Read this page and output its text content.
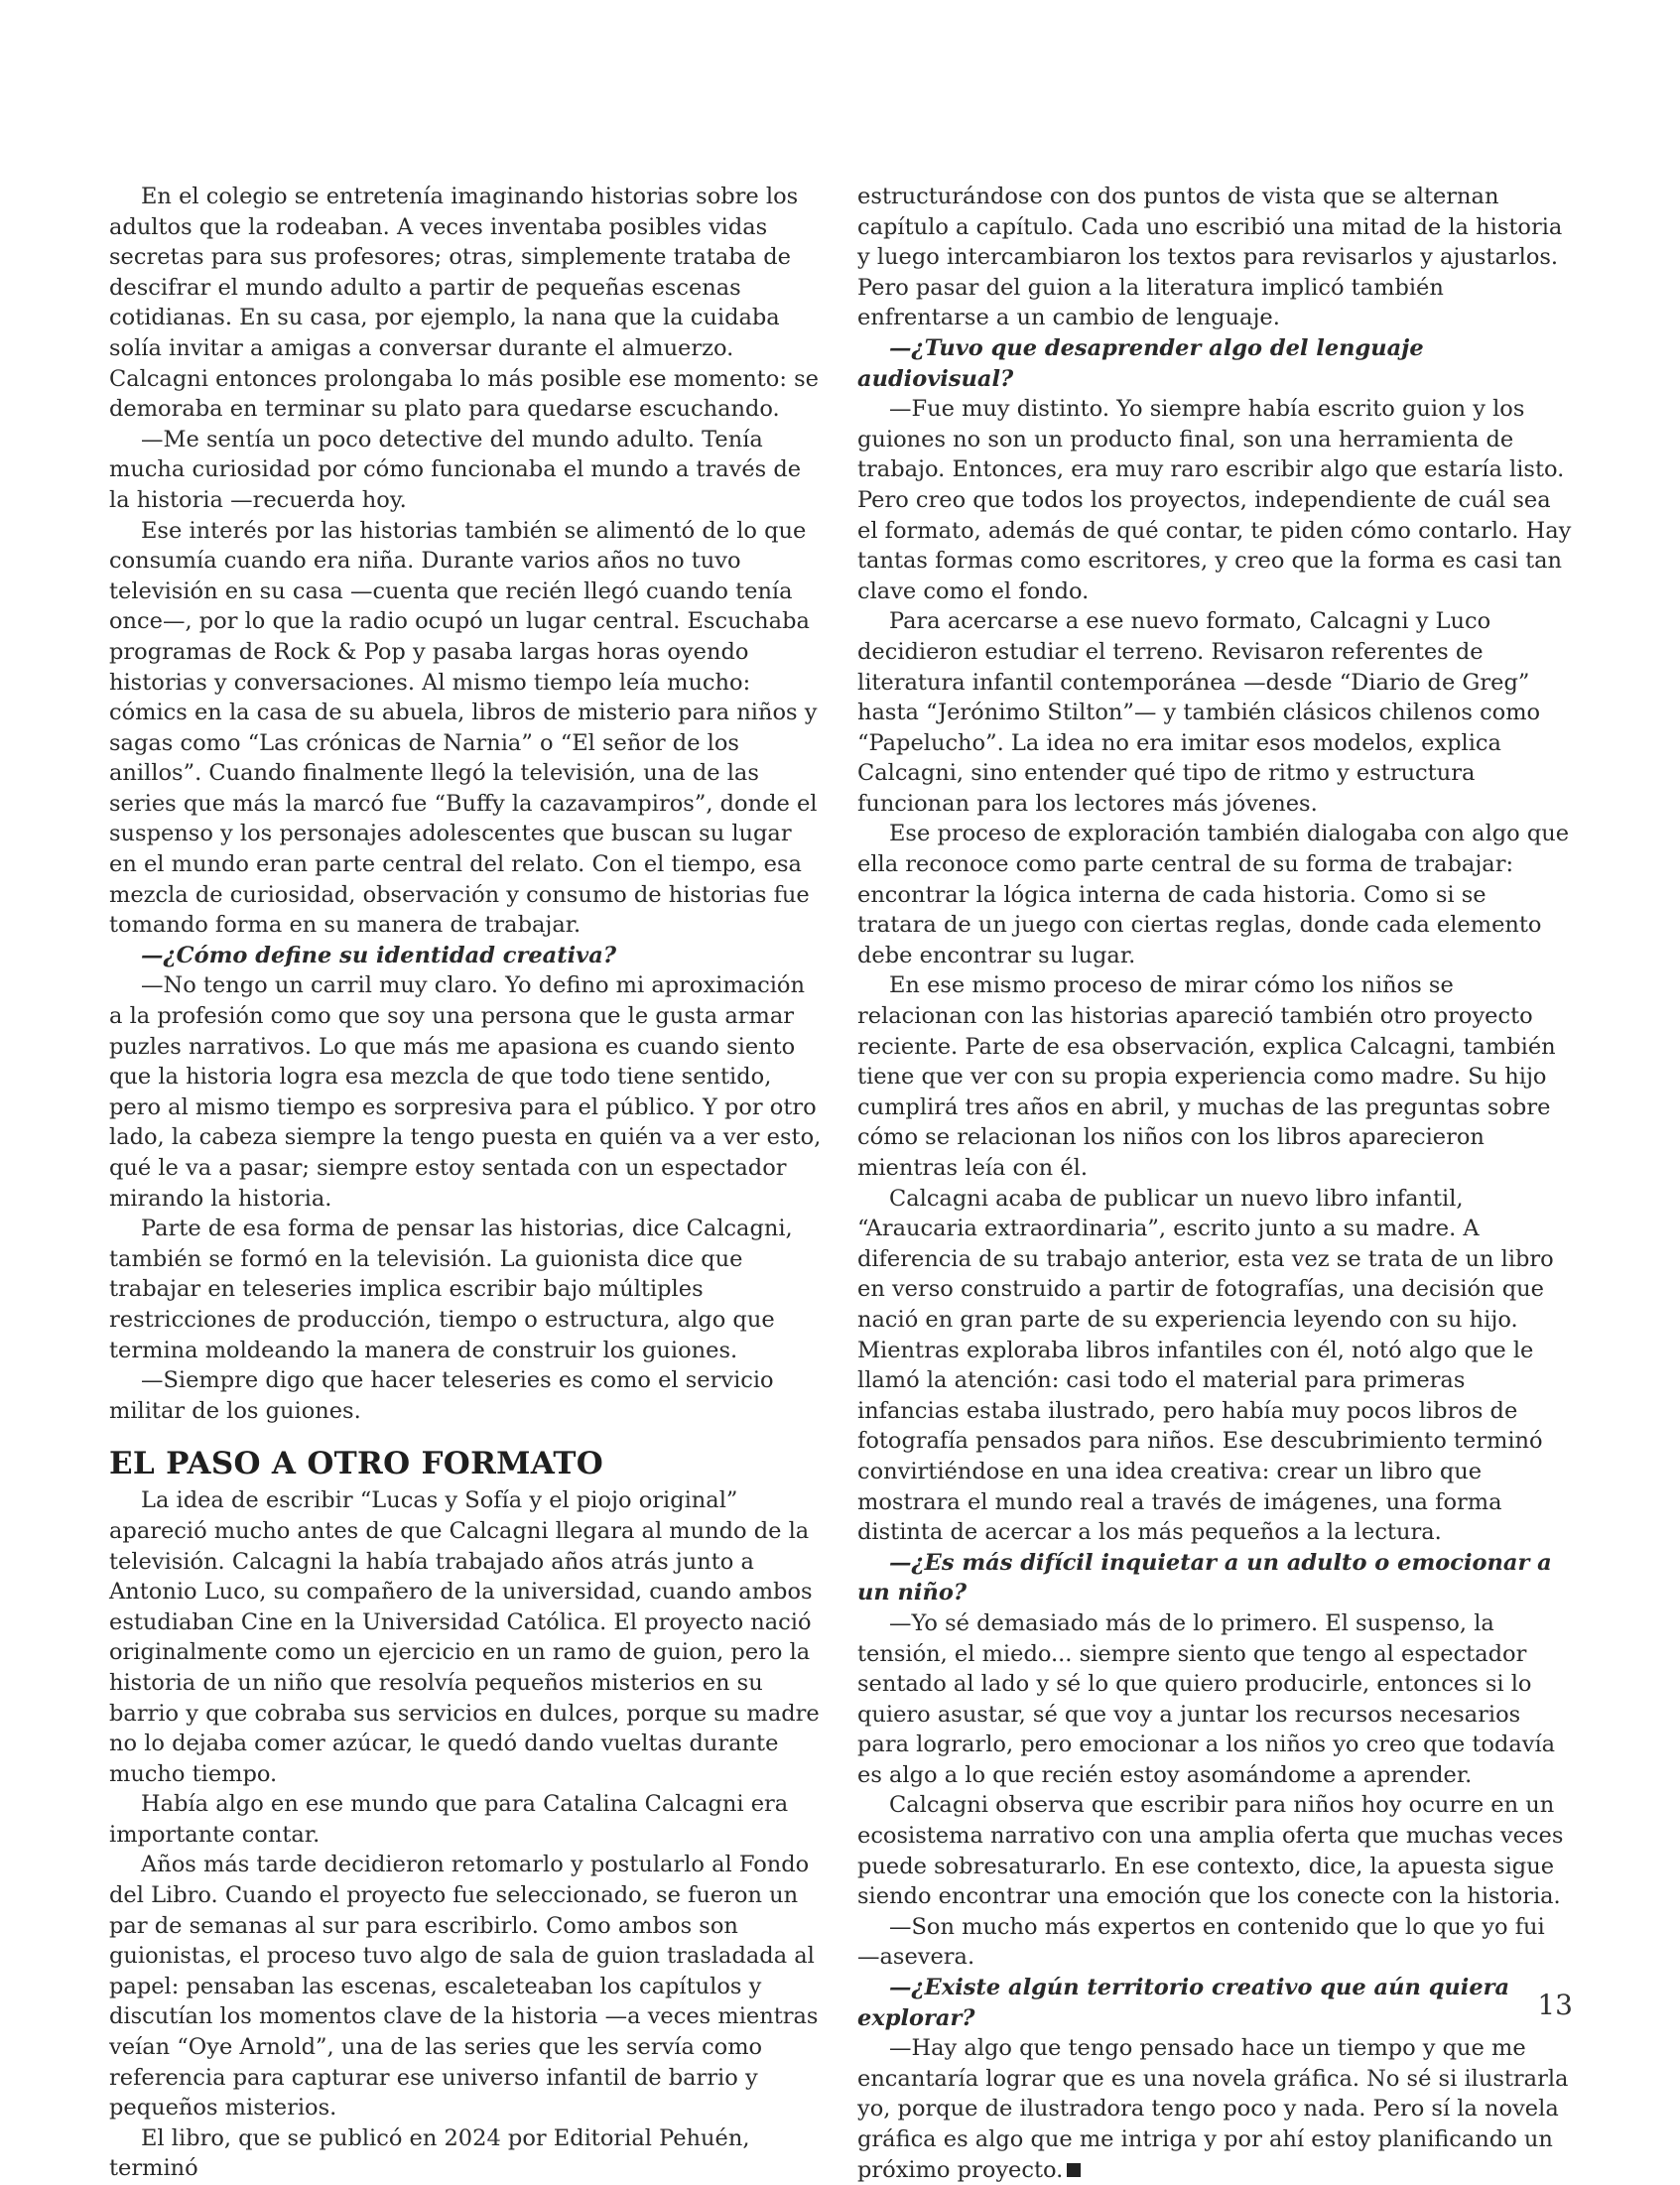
En el colegio se entretenía imaginando historias sobre los adultos que la rodeaban. A veces inventaba posibles vidas secretas para sus profesores; otras, simplemente trataba de descifrar el mundo adulto a partir de pequeñas escenas cotidianas. En su casa, por ejemplo, la nana que la cuidaba solía invitar a amigas a conversar durante el almuerzo. Calcagni entonces prolongaba lo más posible ese momento: se demoraba en terminar su plato para quedarse escuchando.

—Me sentía un poco detective del mundo adulto. Tenía mucha curiosidad por cómo funcionaba el mundo a través de la historia —recuerda hoy.

Ese interés por las historias también se alimentó de lo que consumía cuando era niña. Durante varios años no tuvo televisión en su casa —cuenta que recién llegó cuando tenía once—, por lo que la radio ocupó un lugar central. Escuchaba programas de Rock & Pop y pasaba largas horas oyendo historias y conversaciones. Al mismo tiempo leía mucho: cómics en la casa de su abuela, libros de misterio para niños y sagas como “Las crónicas de Narnia” o “El señor de los anillos”. Cuando finalmente llegó la televisión, una de las series que más la marcó fue “Buffy la cazavampiros”, donde el suspenso y los personajes adolescentes que buscan su lugar en el mundo eran parte central del relato. Con el tiempo, esa mezcla de curiosidad, observación y consumo de historias fue tomando forma en su manera de trabajar.

—¿Cómo define su identidad creativa?

—No tengo un carril muy claro. Yo defino mi aproximación a la profesión como que soy una persona que le gusta armar puzles narrativos. Lo que más me apasiona es cuando siento que la historia logra esa mezcla de que todo tiene sentido, pero al mismo tiempo es sorpresiva para el público. Y por otro lado, la cabeza siempre la tengo puesta en quién va a ver esto, qué le va a pasar; siempre estoy sentada con un espectador mirando la historia.

Parte de esa forma de pensar las historias, dice Calcagni, también se formó en la televisión. La guionista dice que trabajar en teleseries implica escribir bajo múltiples restricciones de producción, tiempo o estructura, algo que termina moldeando la manera de construir los guiones.

—Siempre digo que hacer teleseries es como el servicio militar de los guiones.

EL PASO A OTRO FORMATO

La idea de escribir “Lucas y Sofía y el piojo original” apareció mucho antes de que Calcagni llegara al mundo de la televisión. Calcagni la había trabajado años atrás junto a Antonio Luco, su compañero de la universidad, cuando ambos estudiaban Cine en la Universidad Católica. El proyecto nació originalmente como un ejercicio en un ramo de guion, pero la historia de un niño que resolvía pequeños misterios en su barrio y que cobraba sus servicios en dulces, porque su madre no lo dejaba comer azúcar, le quedó dando vueltas durante mucho tiempo.

Había algo en ese mundo que para Catalina Calcagni era importante contar.

Años más tarde decidieron retomarlo y postularlo al Fondo del Libro. Cuando el proyecto fue seleccionado, se fueron un par de semanas al sur para escribirlo. Como ambos son guionistas, el proceso tuvo algo de sala de guion trasladada al papel: pensaban las escenas, escaleteaban los capítulos y discutían los momentos clave de la historia —a veces mientras veían “Oye Arnold”, una de las series que les servía como referencia para capturar ese universo infantil de barrio y pequeños misterios.

El libro, que se publicó en 2024 por Editorial Pehuén, terminó

estructurándose con dos puntos de vista que se alternan capítulo a capítulo. Cada uno escribió una mitad de la historia y luego intercambiaron los textos para revisarlos y ajustarlos. Pero pasar del guion a la literatura implicó también enfrentarse a un cambio de lenguaje.

—¿Tuvo que desaprender algo del lenguaje audiovisual?

—Fue muy distinto. Yo siempre había escrito guion y los guiones no son un producto final, son una herramienta de trabajo. Entonces, era muy raro escribir algo que estaría listo. Pero creo que todos los proyectos, independiente de cuál sea el formato, además de qué contar, te piden cómo contarlo. Hay tantas formas como escritores, y creo que la forma es casi tan clave como el fondo.

Para acercarse a ese nuevo formato, Calcagni y Luco decidieron estudiar el terreno. Revisaron referentes de literatura infantil contemporánea —desde “Diario de Greg” hasta “Jerónimo Stilton”— y también clásicos chilenos como “Papelucho”. La idea no era imitar esos modelos, explica Calcagni, sino entender qué tipo de ritmo y estructura funcionan para los lectores más jóvenes.

Ese proceso de exploración también dialogaba con algo que ella reconoce como parte central de su forma de trabajar: encontrar la lógica interna de cada historia. Como si se tratara de un juego con ciertas reglas, donde cada elemento debe encontrar su lugar.

En ese mismo proceso de mirar cómo los niños se relacionan con las historias apareció también otro proyecto reciente. Parte de esa observación, explica Calcagni, también tiene que ver con su propia experiencia como madre. Su hijo cumplirá tres años en abril, y muchas de las preguntas sobre cómo se relacionan los niños con los libros aparecieron mientras leía con él.

Calcagni acaba de publicar un nuevo libro infantil, “Araucaria extraordinaria”, escrito junto a su madre. A diferencia de su trabajo anterior, esta vez se trata de un libro en verso construido a partir de fotografías, una decisión que nació en gran parte de su experiencia leyendo con su hijo. Mientras exploraba libros infantiles con él, notó algo que le llamó la atención: casi todo el material para primeras infancias estaba ilustrado, pero había muy pocos libros de fotografía pensados para niños. Ese descubrimiento terminó convirtiéndose en una idea creativa: crear un libro que mostrara el mundo real a través de imágenes, una forma distinta de acercar a los más pequeños a la lectura.

—¿Es más difícil inquietar a un adulto o emocionar a un niño?

—Yo sé demasiado más de lo primero. El suspenso, la tensión, el miedo... siempre siento que tengo al espectador sentado al lado y sé lo que quiero producirle, entonces si lo quiero asustar, sé que voy a juntar los recursos necesarios para lograrlo, pero emocionar a los niños yo creo que todavía es algo a lo que recién estoy asomándome a aprender.

Calcagni observa que escribir para niños hoy ocurre en un ecosistema narrativo con una amplia oferta que muchas veces puede sobresaturarlo. En ese contexto, dice, la apuesta sigue siendo encontrar una emoción que los conecte con la historia.

—Son mucho más expertos en contenido que lo que yo fui —asevera.

—¿Existe algún territorio creativo que aún quiera explorar?

—Hay algo que tengo pensado hace un tiempo y que me encantaría lograr que es una novela gráfica. No sé si ilustrarla yo, porque de ilustradora tengo poco y nada. Pero sí la novela gráfica es algo que me intriga y por ahí estoy planificando un próximo proyecto.

13
